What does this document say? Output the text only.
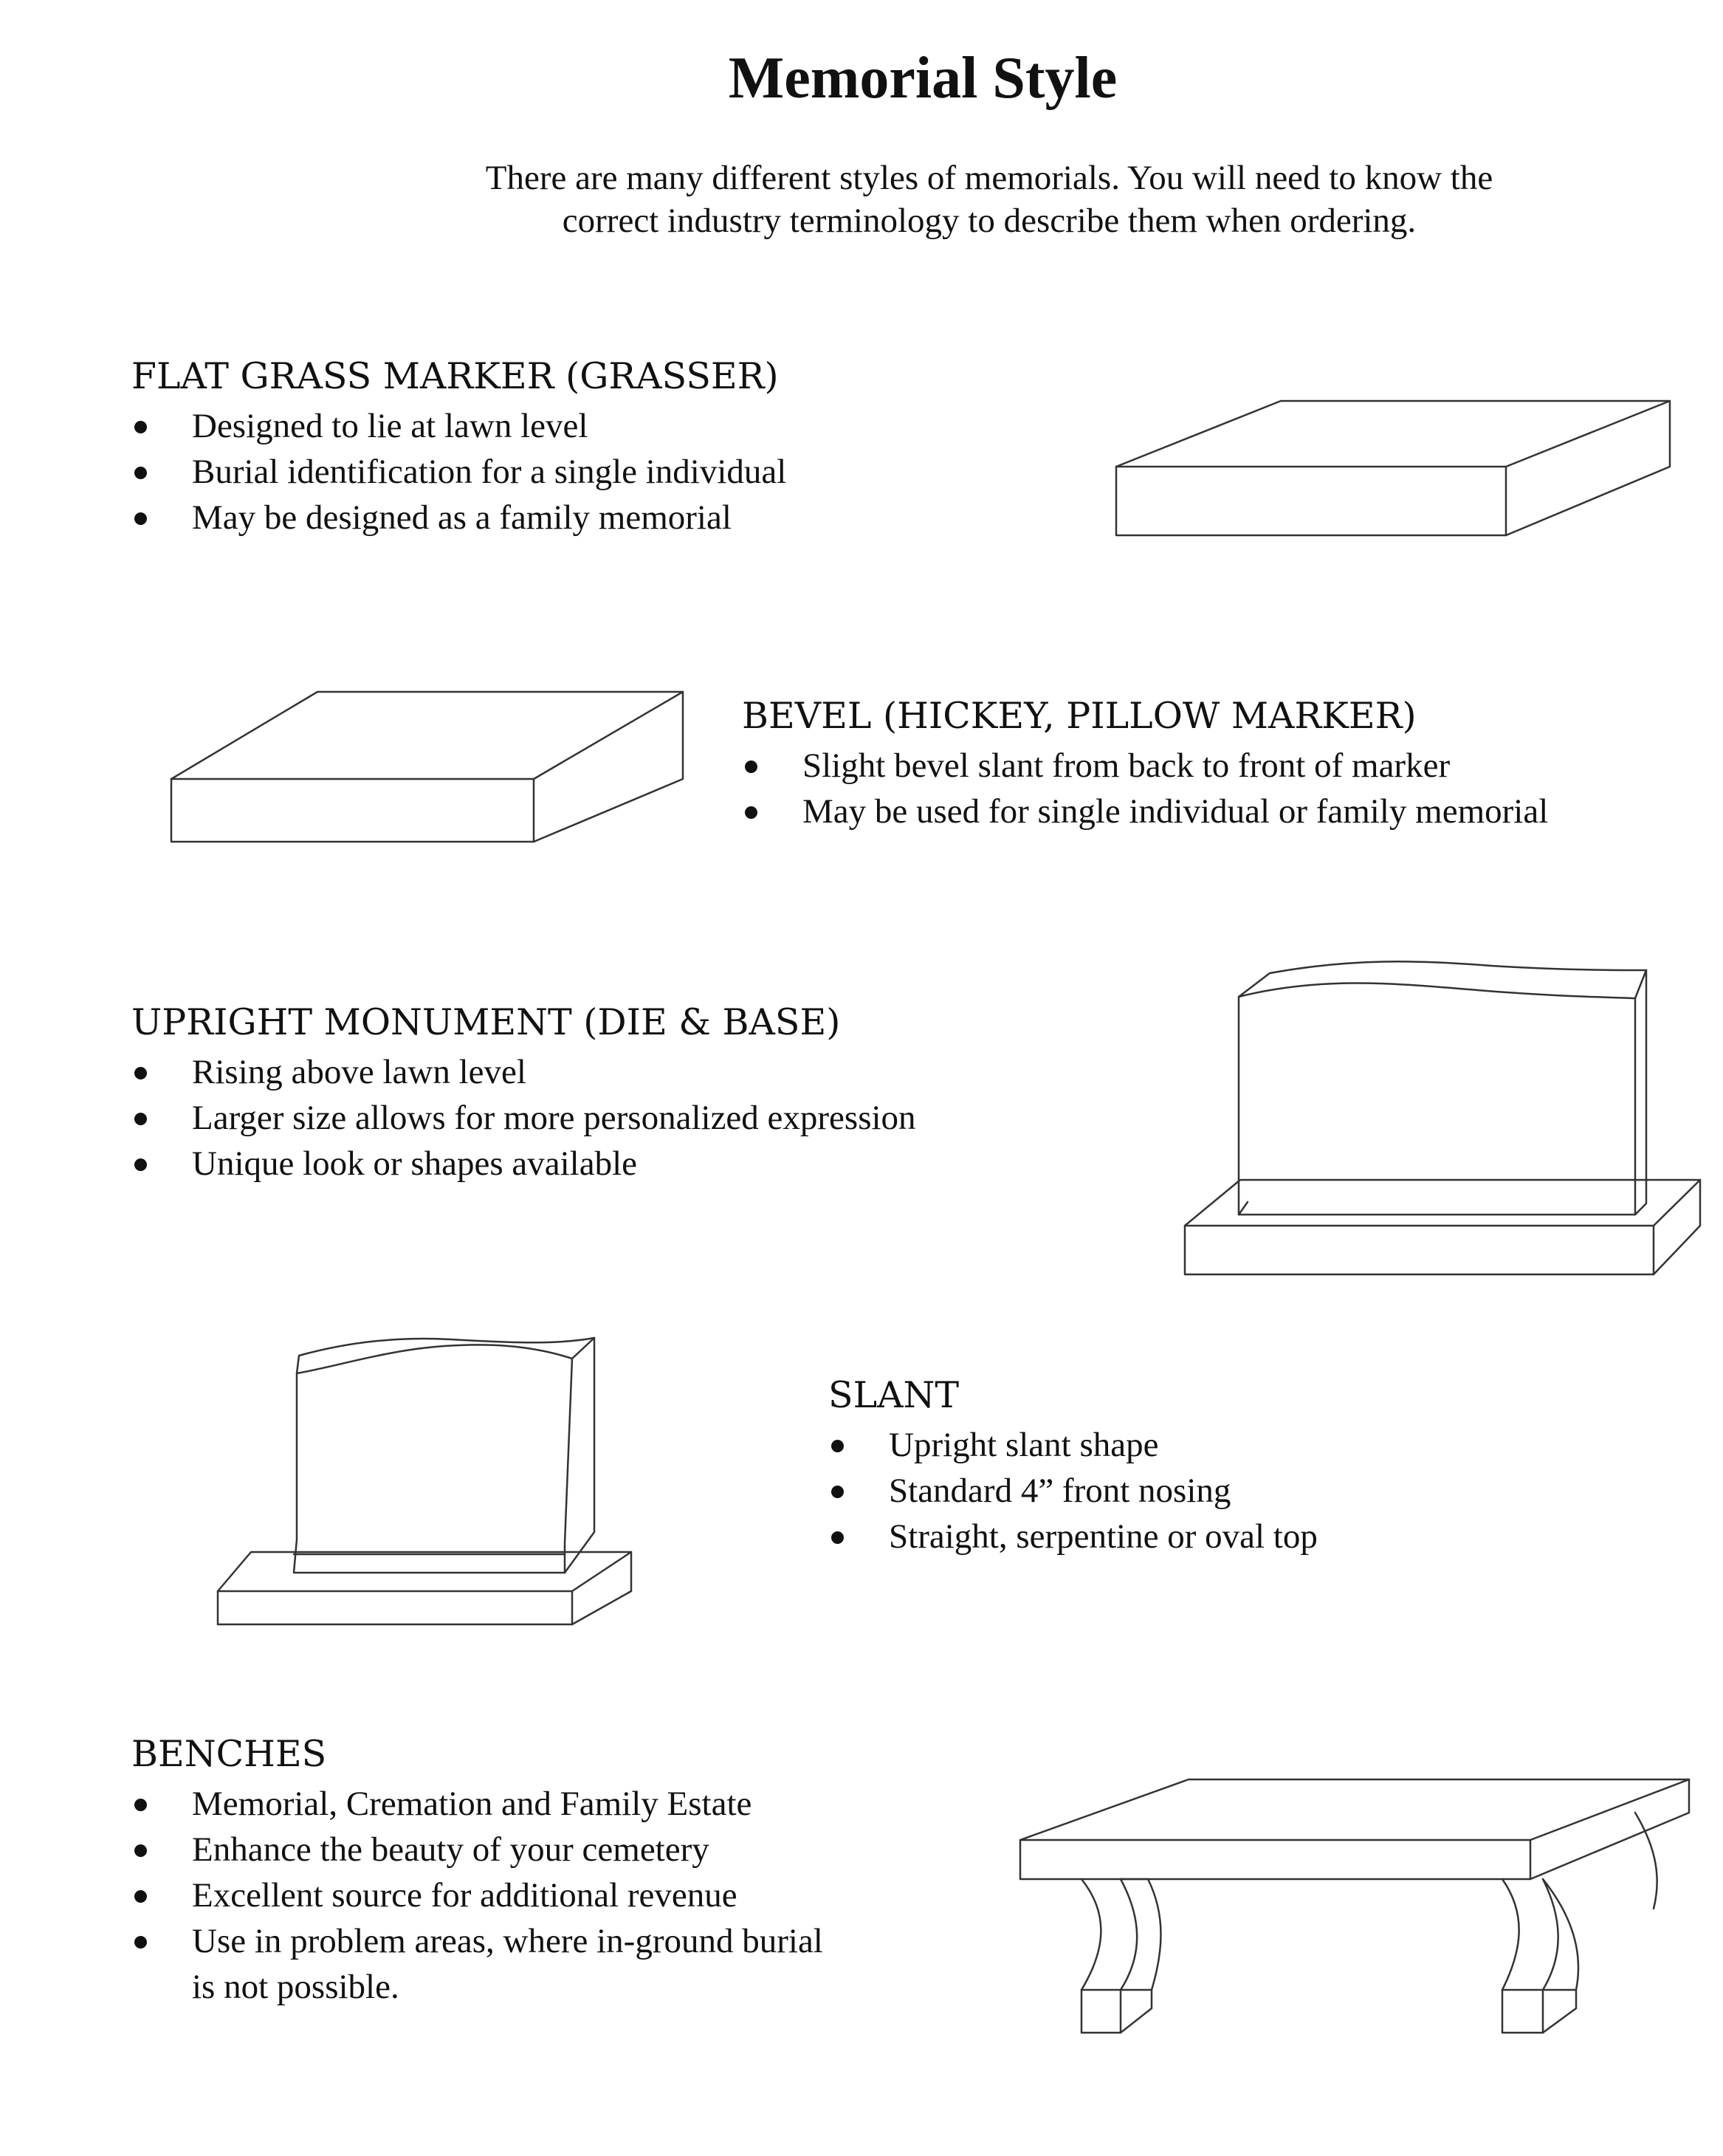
Memorial Style

There are many different styles of memorials. You will need to know the
correct industry terminology to describe them when ordering.

FLAT GRASS MARKER (GRASSER)
Designed to lie at lawn level
Burial identification for a single individual
May be designed as a family memorial
BEVEL (HICKEY, PILLOW MARKER)
Slight bevel slant from back to front of marker
May be used for single individual or family memorial
UPRIGHT MONUMENT (DIE & BASE)
Rising above lawn level
Larger size allows for more personalized expression
Unique look or shapes available
SLANT
Upright slant shape
Standard 4” front nosing
Straight, serpentine or oval top
BENCHES
Memorial, Cremation and Family Estate
Enhance the beauty of your cemetery
Excellent source for additional revenue
Use in problem areas, where in-ground burial

is not possible.
